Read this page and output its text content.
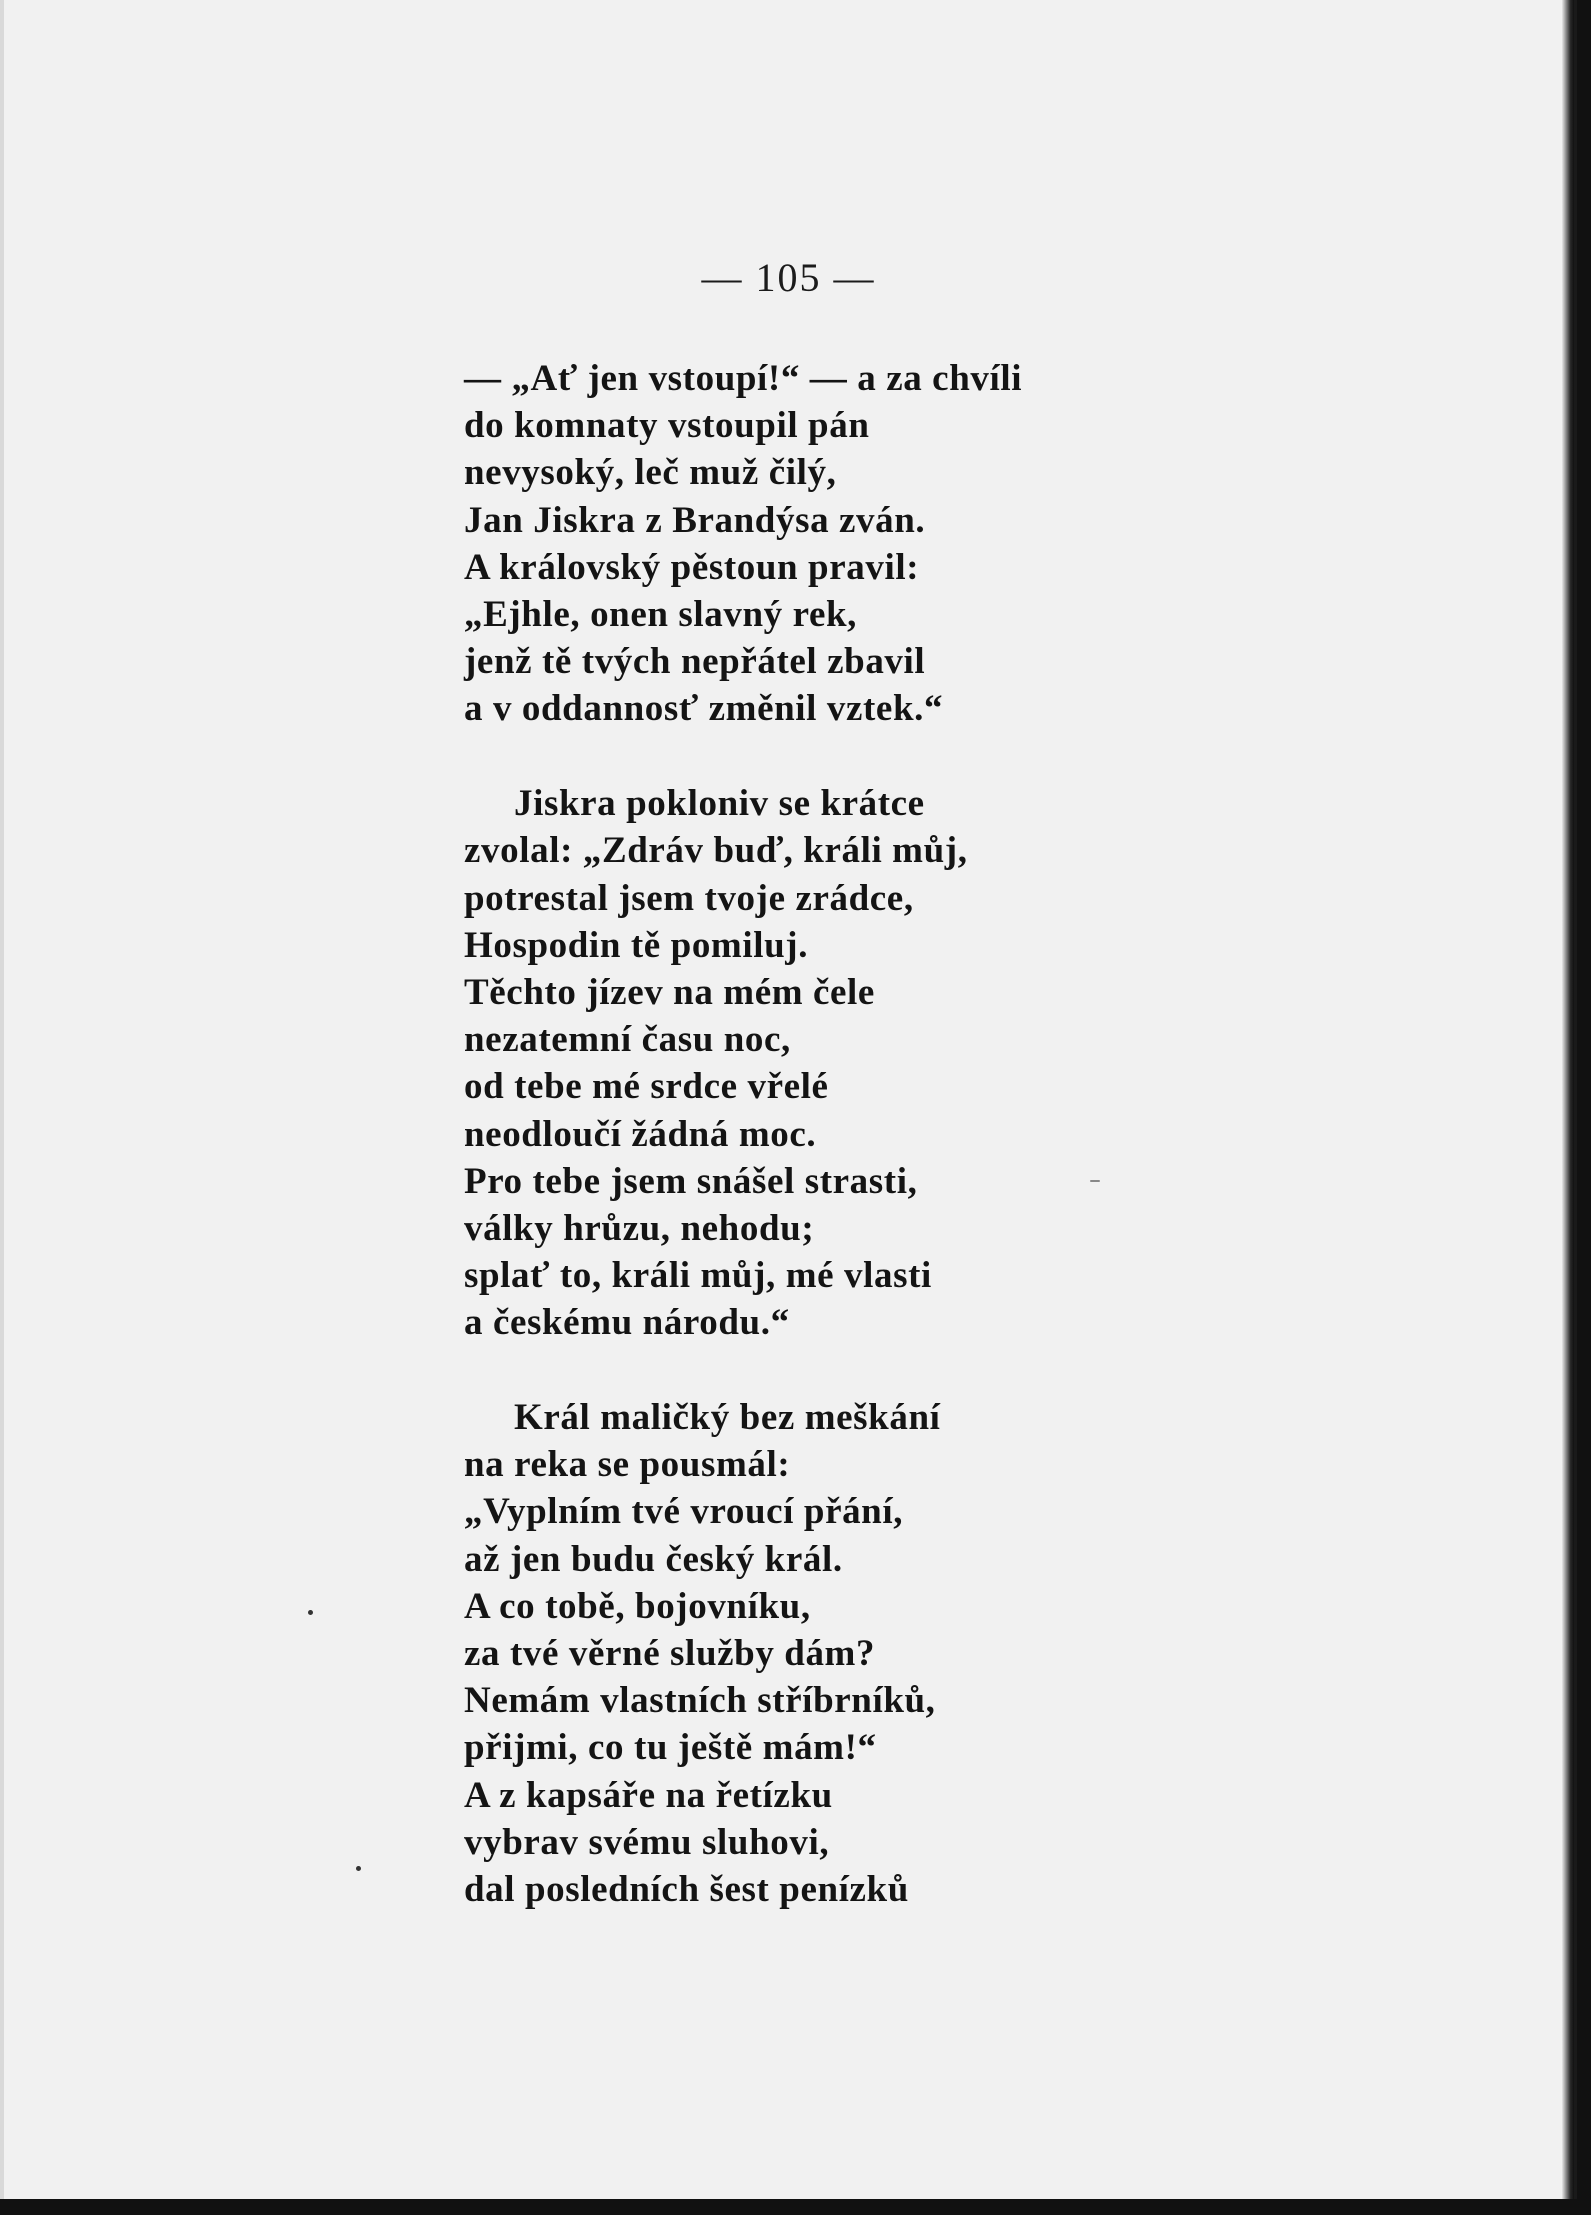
— 105 —
— „Ať jen vstoupí!“ — a za chvíli
do komnaty vstoupil pán
nevysoký, leč muž čilý,
Jan Jiskra z Brandýsa zván.
A královský pěstoun pravil:
„Ejhle, onen slavný rek,
jenž tě tvých nepřátel zbavil
a v oddannosť změnil vztek.“
Jiskra pokloniv se krátce
zvolal: „Zdráv buď, králi můj,
potrestal jsem tvoje zrádce,
Hospodin tě pomiluj.
Těchto jízev na mém čele
nezatemní času noc,
od tebe mé srdce vřelé
neodloučí žádná moc.
Pro tebe jsem snášel strasti,
války hrůzu, nehodu;
splať to, králi můj, mé vlasti
a českému národu.“
Král maličký bez meškání
na reka se pousmál:
„Vyplním tvé vroucí přání,
až jen budu český král.
A co tobě, bojovníku,
za tvé věrné služby dám?
Nemám vlastních stříbrníků,
přijmi, co tu ještě mám!“
A z kapsáře na řetízku
vybrav svému sluhovi,
dal posledních šest penízků
